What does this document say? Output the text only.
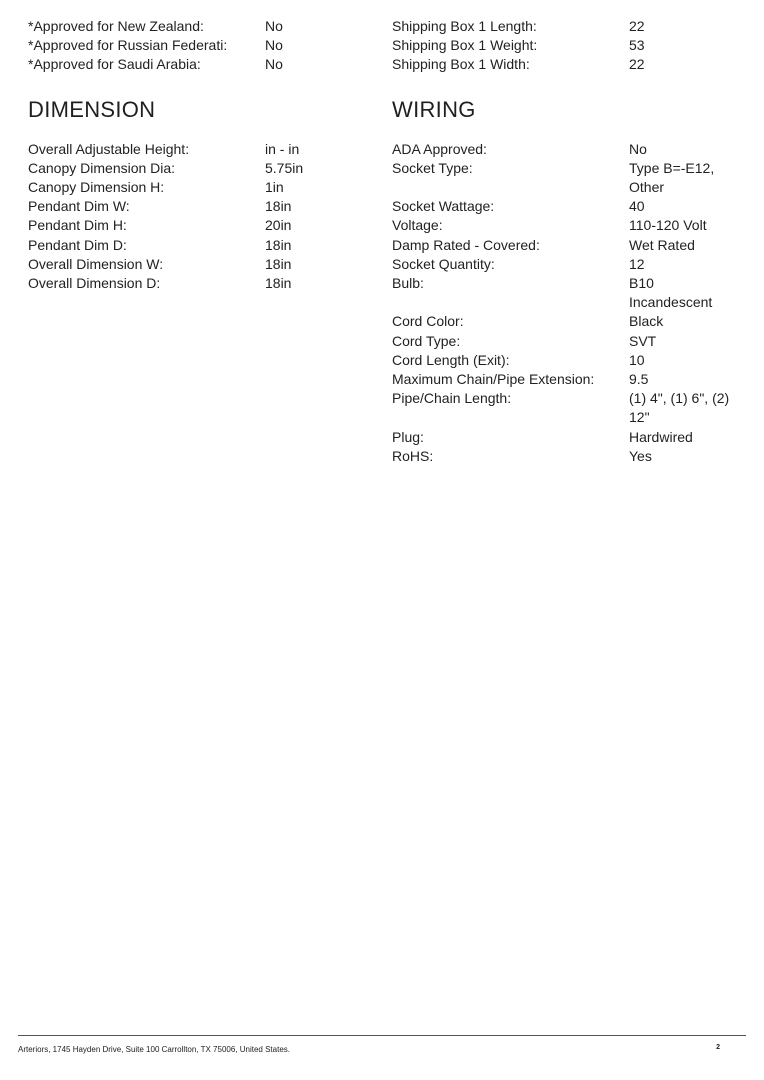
*Approved for New Zealand:	No
*Approved for Russian Federati:	No
*Approved for Saudi Arabia:	No
DIMENSION
Overall Adjustable Height:	in - in
Canopy Dimension Dia:	5.75in
Canopy Dimension H:	1in
Pendant Dim W:	18in
Pendant Dim H:	20in
Pendant Dim D:	18in
Overall Dimension W:	18in
Overall Dimension D:	18in
Shipping Box 1 Length:	22
Shipping Box 1 Weight:	53
Shipping Box 1 Width:	22
WIRING
ADA Approved:	No
Socket Type:	Type B=-E12,
Other
Socket Wattage:	40
Voltage:	110-120 Volt
Damp Rated - Covered:	Wet Rated
Socket Quantity:	12
Bulb:	B10
Incandescent
Cord Color:	Black
Cord Type:	SVT
Cord Length (Exit):	10
Maximum Chain/Pipe Extension:	9.5
Pipe/Chain Length:	(1) 4", (1) 6", (2)
12"
Plug:	Hardwired
RoHS:	Yes
Arteriors, 1745 Hayden Drive, Suite 100 Carrollton, TX 75006, United States.	2
